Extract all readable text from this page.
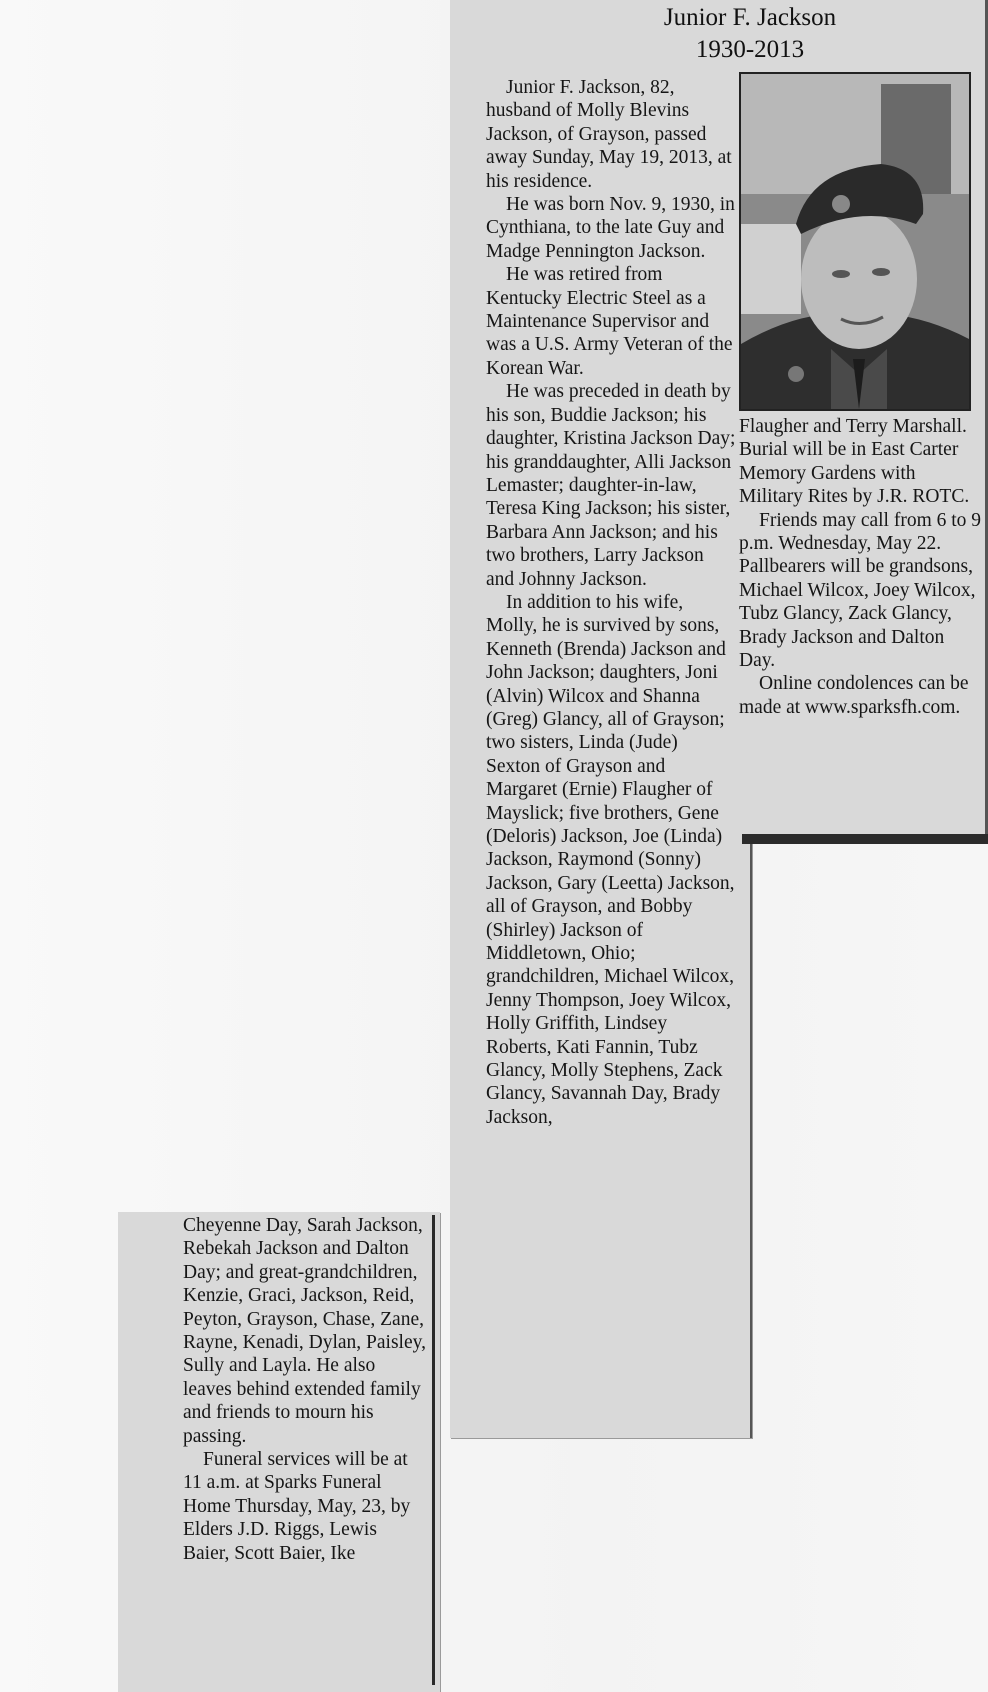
Junior F. Jackson
1930-2013

Junior F. Jackson, 82, husband of Molly Blevins Jackson, of Grayson, passed away Sunday, May 19, 2013, at his residence.

He was born Nov. 9, 1930, in Cynthiana, to the late Guy and Madge Pennington Jackson.

He was retired from Kentucky Electric Steel as a Maintenance Supervisor and was a U.S. Army Veteran of the Korean War.

He was preceded in death by his son, Buddie Jackson; his daughter, Kristina Jackson Day; his granddaughter, Alli Jackson Lemaster; daughter-in-law, Teresa King Jackson; his sister, Barbara Ann Jackson; and his two brothers, Larry Jackson and Johnny Jackson.

In addition to his wife, Molly, he is survived by sons, Kenneth (Brenda) Jackson and John Jackson; daughters, Joni (Alvin) Wilcox and Shanna (Greg) Glancy, all of Grayson; two sisters, Linda (Jude) Sexton of Grayson and Margaret (Ernie) Flaugher of Mayslick; five brothers, Gene (Deloris) Jackson, Joe (Linda) Jackson, Raymond (Sonny) Jackson, Gary (Leetta) Jackson, all of Grayson, and Bobby (Shirley) Jackson of Middletown, Ohio; grandchildren, Michael Wilcox, Jenny Thompson, Joey Wilcox, Holly Griffith, Lindsey Roberts, Kati Fannin, Tubz Glancy, Molly Stephens, Zack Glancy, Savannah Day, Brady Jackson,

Flaugher and Terry Marshall. Burial will be in East Carter Memory Gardens with Military Rites by J.R. ROTC.

Friends may call from 6 to 9 p.m. Wednesday, May 22.

Pallbearers will be grandsons, Michael Wilcox, Joey Wilcox, Tubz Glancy, Zack Glancy, Brady Jackson and Dalton Day.

Online condolences can be made at www.sparksfh.com.

Cheyenne Day, Sarah Jackson, Rebekah Jackson and Dalton Day; and great-grandchildren, Kenzie, Graci, Jackson, Reid, Peyton, Grayson, Chase, Zane, Rayne, Kenadi, Dylan, Paisley, Sully and Layla. He also leaves behind extended family and friends to mourn his passing.

Funeral services will be at 11 a.m. at Sparks Funeral Home Thursday, May, 23, by Elders J.D. Riggs, Lewis Baier, Scott Baier, Ike
